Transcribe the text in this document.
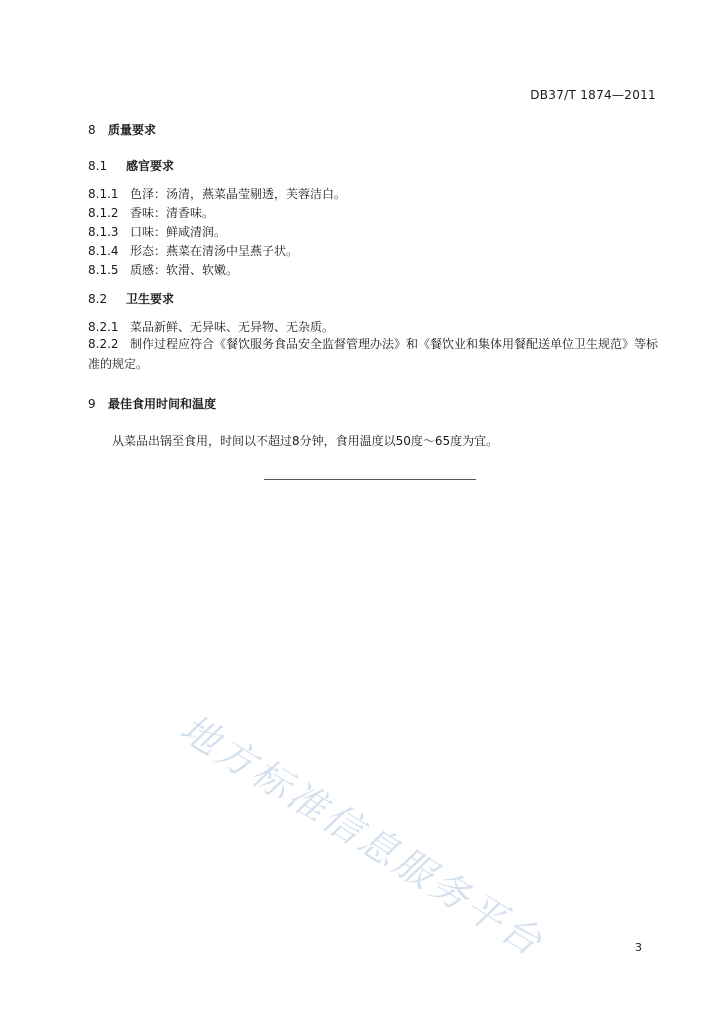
DB37/T 1874—2011
8 质量要求
8.1 感官要求
8.1.1 色泽：汤清，燕菜晶莹剔透，芙蓉洁白。
8.1.2 香味：清香味。
8.1.3 口味：鲜咸清润。
8.1.4 形态：燕菜在清汤中呈燕子状。
8.1.5 质感：软滑、软嫩。
8.2 卫生要求
8.2.1 菜品新鲜、无异味、无异物、无杂质。
8.2.2 制作过程应符合《餐饮服务食品安全监督管理办法》和《餐饮业和集体用餐配送单位卫生规范》等标准的规定。
9 最佳食用时间和温度
从菜品出锅至食用，时间以不超过8分钟，食用温度以50度～65度为宜。
地方标准信息服务平台	3
